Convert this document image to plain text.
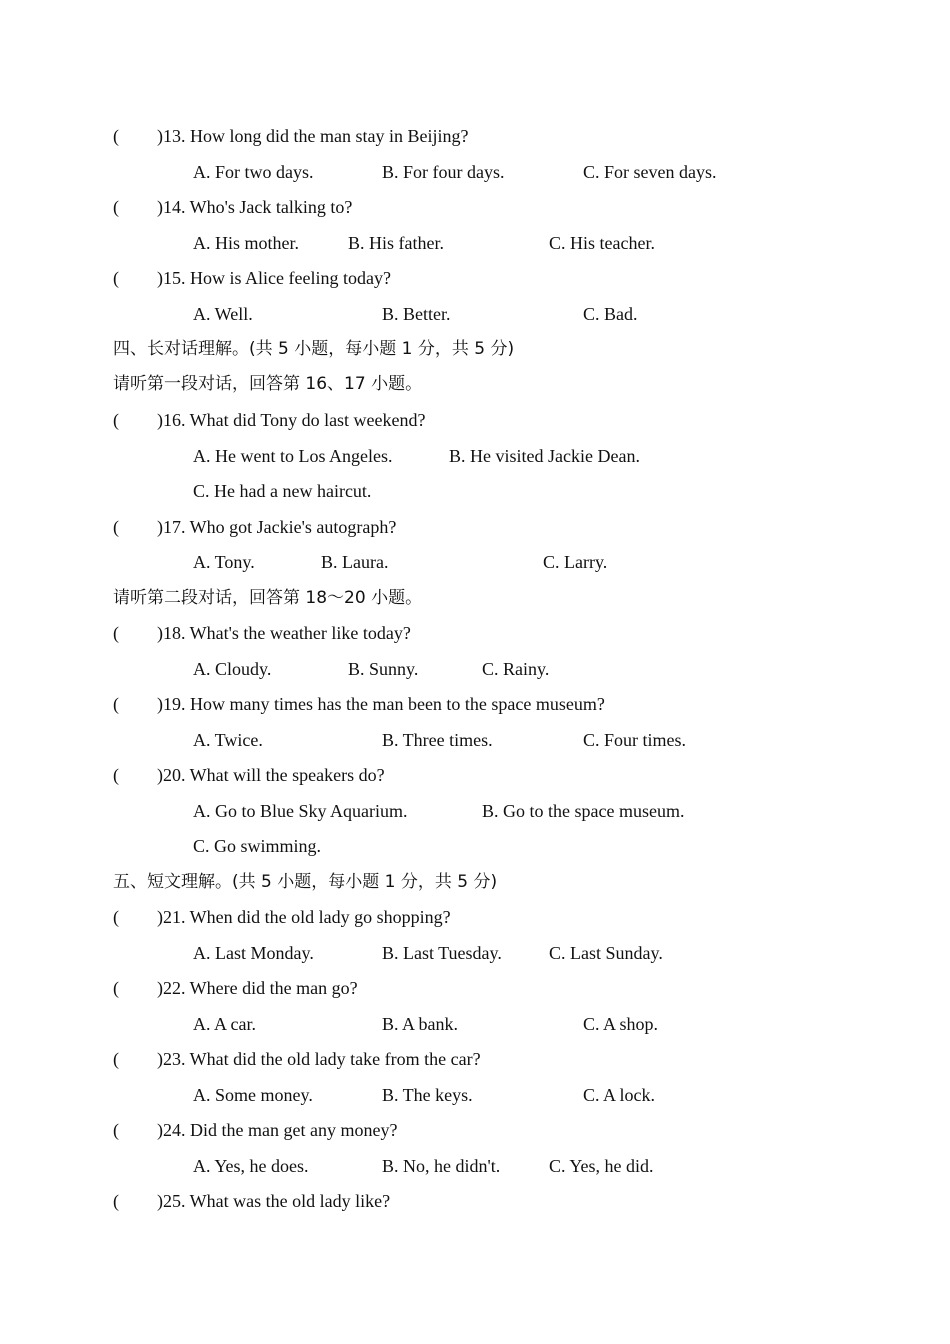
( )13. How long did the man stay in Beijing?
A. For two days.	B. For four days.	C. For seven days.
( )14. Who's Jack talking to?
A. His mother.	B. His father.	C. His teacher.
( )15. How is Alice feeling today?
A. Well.	B. Better.	C. Bad.
四、长对话理解。(共 5 小题，每小题 1 分，共 5 分)
请听第一段对话，回答第 16、17 小题。
( )16. What did Tony do last weekend?
A. He went to Los Angeles.	B. He visited Jackie Dean.
C. He had a new haircut.
( )17. Who got Jackie's autograph?
A. Tony.	B. Laura.	C. Larry.
请听第二段对话，回答第 18～20 小题。
( )18. What's the weather like today?
A. Cloudy.	B. Sunny.	C. Rainy.
( )19. How many times has the man been to the space museum?
A. Twice.	B. Three times.	C. Four times.
( )20. What will the speakers do?
A. Go to Blue Sky Aquarium.	B. Go to the space museum.
C. Go swimming.
五、短文理解。(共 5 小题，每小题 1 分，共 5 分)
( )21. When did the old lady go shopping?
A. Last Monday.	B. Last Tuesday.	C. Last Sunday.
( )22. Where did the man go?
A. A car.	B. A bank.	C. A shop.
( )23. What did the old lady take from the car?
A. Some money.	B. The keys.	C. A lock.
( )24. Did the man get any money?
A. Yes, he does.	B. No, he didn't.	C. Yes, he did.
( )25. What was the old lady like?
